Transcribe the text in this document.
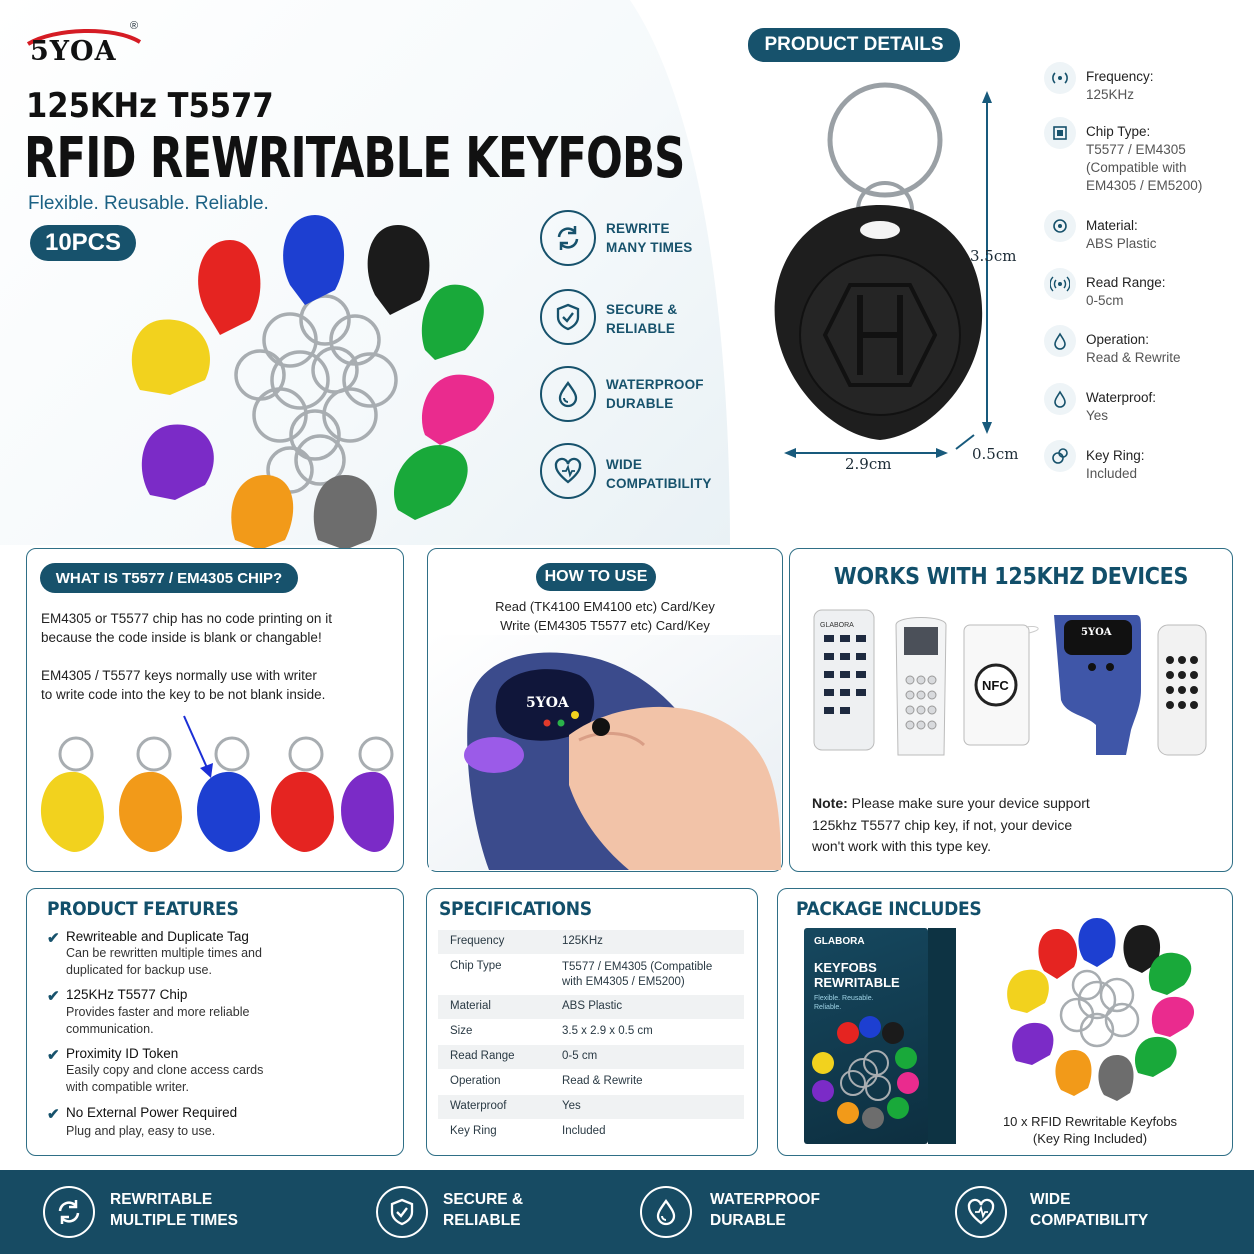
5YOA
®
125KHz T5577
RFID REWRITABLE KEYFOBS
Flexible. Reusable. Reliable.
10PCS
REWRITE
MANY TIMES
SECURE &
RELIABLE
WATERPROOF
DURABLE
WIDE
COMPATIBILITY
PRODUCT DETAILS
3.5cm
2.9cm
0.5cm
Frequency:
125KHz
Chip Type:
T5577 / EM4305
(Compatible with
EM4305 / EM5200)
Material:
ABS Plastic
Read Range:
0-5cm
Operation:
Read & Rewrite
Waterproof:
Yes
Key Ring:
Included
WHAT IS T5577 / EM4305 CHIP?
EM4305 or T5577 chip has no code printing on it
because the code inside is blank or changable!
EM4305 / T5577 keys normally use with writer
to write code into the key to be not blank inside.
HOW TO USE
Read (TK4100 EM4100 etc) Card/Key
Write (EM4305 T5577 etc) Card/Key
5YOA
WORKS WITH 125KHZ DEVICES
GLABORA
NFC
5YOA
Note: Please make sure your device support
125khz T5577 chip key, if not, your device
won't work with this type key.
PRODUCT FEATURES
✔ Rewriteable and Duplicate Tag
Can be rewritten multiple times and
duplicated for backup use.
✔ 125KHz T5577 Chip
Provides faster and more reliable
communication.
✔ Proximity ID Token
Easily copy and clone access cards
with compatible writer.
✔ No External Power Required
Plug and play, easy to use.
SPECIFICATIONS
Frequency	125KHz
Chip Type	T5577 / EM4305 (Compatible
with EM4305 / EM5200)
Material	ABS Plastic
Size	3.5 x 2.9 x 0.5 cm
Read Range	0-5 cm
Operation	Read & Rewrite
Waterproof	Yes
Key Ring	Included
PACKAGE INCLUDES
GLABORA
KEYFOBS
REWRITABLE
Flexible. Reusable.
Reliable.
10 x RFID Rewritable Keyfobs
(Key Ring Included)
REWRITABLE
MULTIPLE TIMES
SECURE &
RELIABLE
WATERPROOF
DURABLE
WIDE
COMPATIBILITY
